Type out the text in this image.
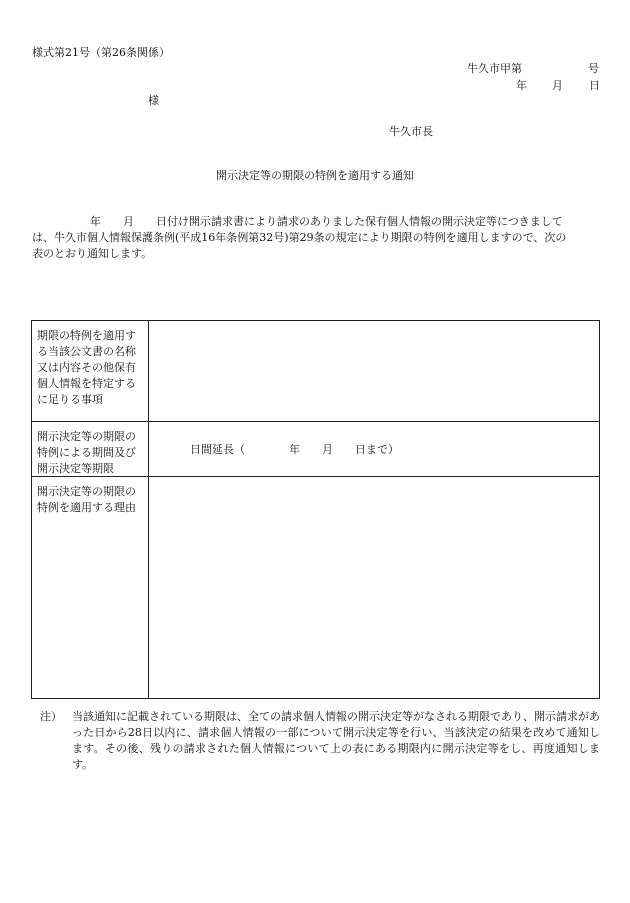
様式第21号（第26条関係）
牛久市甲第	号
年 月 日
様
牛久市長
開示決定等の期限の特例を適用する通知
年 月 日付け開示請求書により請求のありました保有個人情報の開示決定等につきまして
は、牛久市個人情報保護条例(平成16年条例第32号)第29条の規定により期限の特例を適用しますので、次の
表のとおり通知します。
期限の特例を適用する当該公文書の名称又は内容その他保有個人情報を特定するに足りる事項
開示決定等の期限の特例による期間及び開示決定等期限
日間延長（　　　　年　　月　　日まで）
開示決定等の期限の特例を適用する理由
注） 当該通知に記載されている期限は、全ての請求個人情報の開示決定等がなされる期限であり、開示請求があった日から28日以内に、請求個人情報の一部について開示決定等を行い、当該決定の結果を改めて通知します。その後、残りの請求された個人情報について上の表にある期限内に開示決定等をし、再度通知します。
